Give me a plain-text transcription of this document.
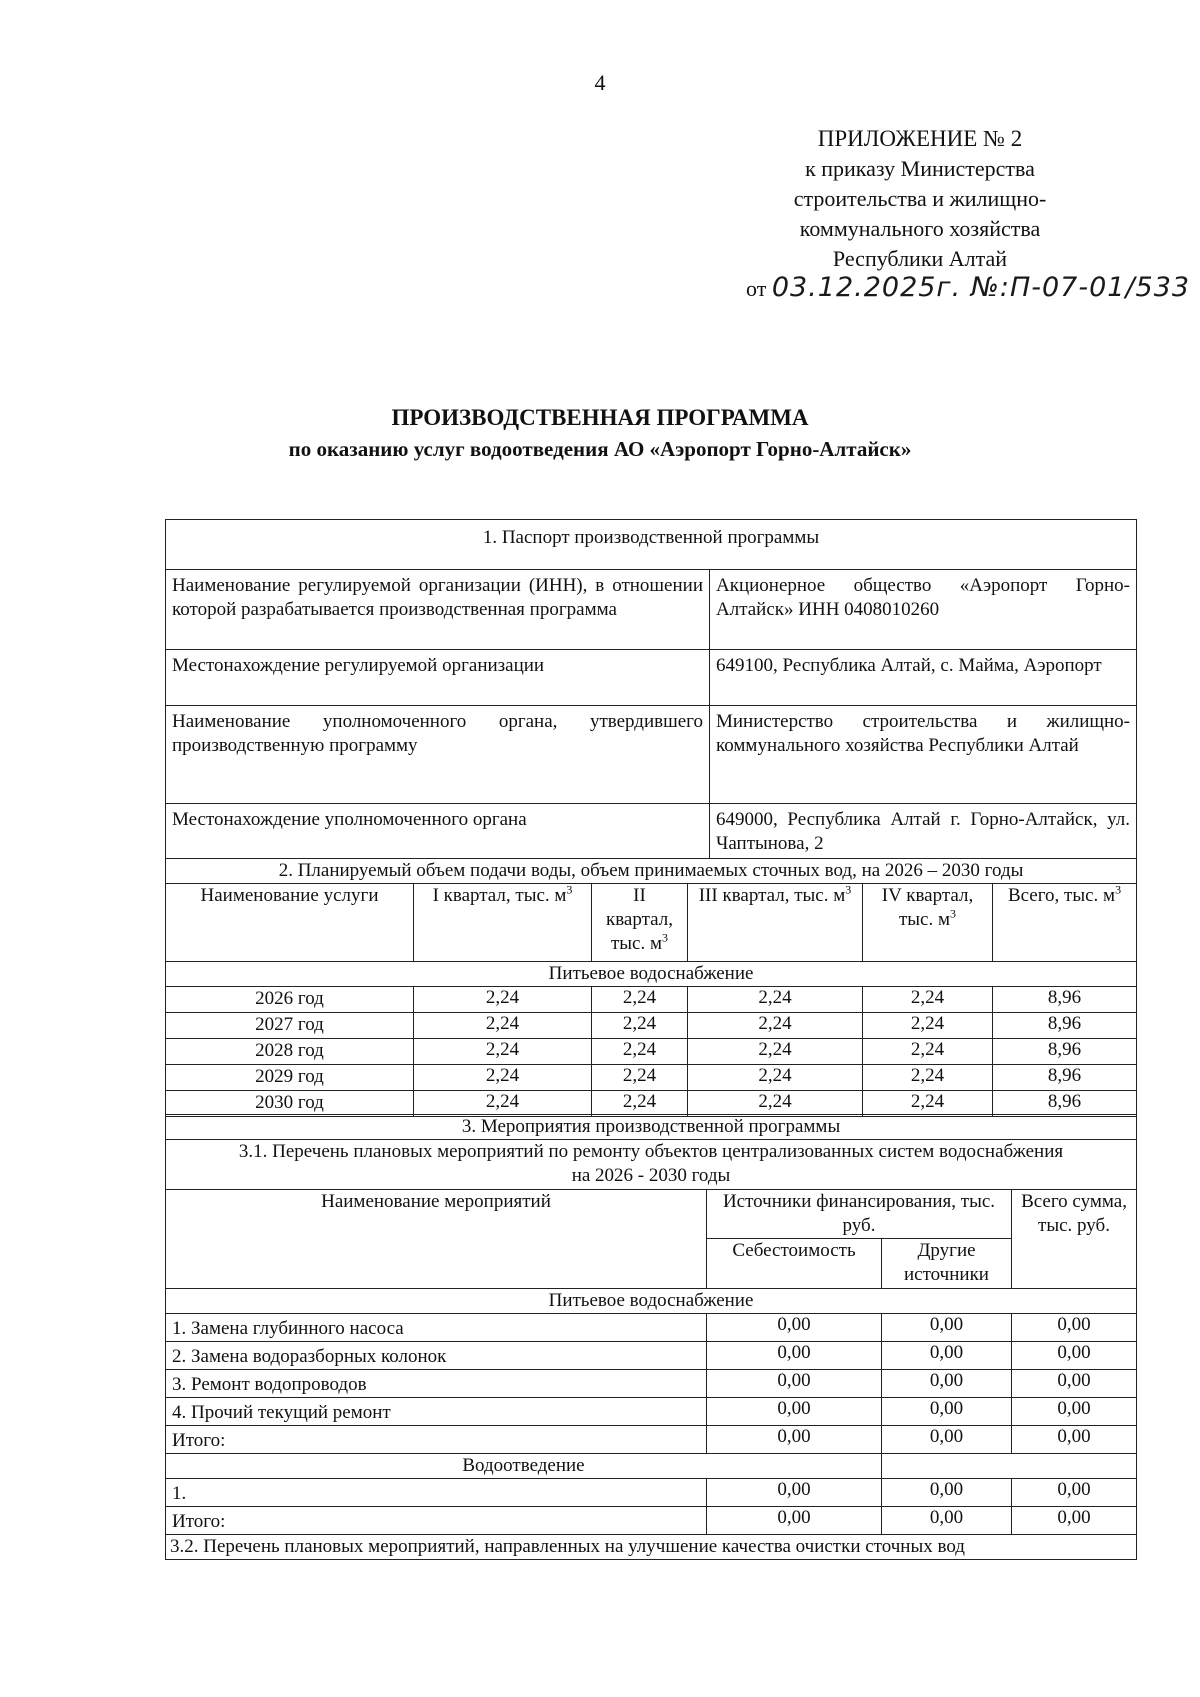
4
ПРИЛОЖЕНИЕ № 2
к приказу Министерства
строительства и жилищно-
коммунального хозяйства
Республики Алтай
от 03.12.2025г. №:П-07-01/533
ПРОИЗВОДСТВЕННАЯ ПРОГРАММА
по оказанию услуг водоотведения АО «Аэропорт Горно-Алтайск»
1. Паспорт производственной программы	
Наименование регулируемой организации (ИНН), в отношении которой разрабатывается производственная программа	Акционерное общество «Аэропорт Горно-Алтайск» ИНН 0408010260
Местонахождение регулируемой организации	649100, Республика Алтай, с. Майма, Аэропорт
Наименование уполномоченного органа, утвердившего производственную программу	Министерство строительства и жилищно-коммунального хозяйства Республики Алтай
Местонахождение уполномоченного органа	649000, Республика Алтай г. Горно-Алтайск, ул. Чаптынова, 2
2. Планируемый объем подачи воды, объем принимаемых сточных вод, на 2026 – 2030 годы					
Наименование услуги	I квартал, тыс. $м^3$	II квартал, тыс. $м^3$	III квартал, тыс. $м^3$	IV квартал, тыс. $м^3$	Всего, тыс. $м^3$
Питьевое водоснабжение					
2026 год	2,24	2,24	2,24	2,24	8,96
2027 год	2,24	2,24	2,24	2,24	8,96
2028 год	2,24	2,24	2,24	2,24	8,96
2029 год	2,24	2,24	2,24	2,24	8,96
2030 год	2,24	2,24	2,24	2,24	8,96
3. Мероприятия производственной программы			
3.1. Перечень плановых мероприятий по ремонту объектов централизованных систем водоснабжения на 2026 - 2030 годы			
Наименование мероприятий	Источники финансирования, тыс. руб.		Всего сумма, тыс. руб.
	Себестоимость	Другие источники	
Питьевое водоснабжение			
1. Замена глубинного насоса	0,00	0,00	0,00
2. Замена водоразборных колонок	0,00	0,00	0,00
3. Ремонт водопроводов	0,00	0,00	0,00
4. Прочий текущий ремонт	0,00	0,00	0,00
Итого:	0,00	0,00	0,00
Водоотведение			
1.	0,00	0,00	0,00
Итого:	0,00	0,00	0,00
3.2. Перечень плановых мероприятий, направленных на улучшение качества очистки сточных вод			
